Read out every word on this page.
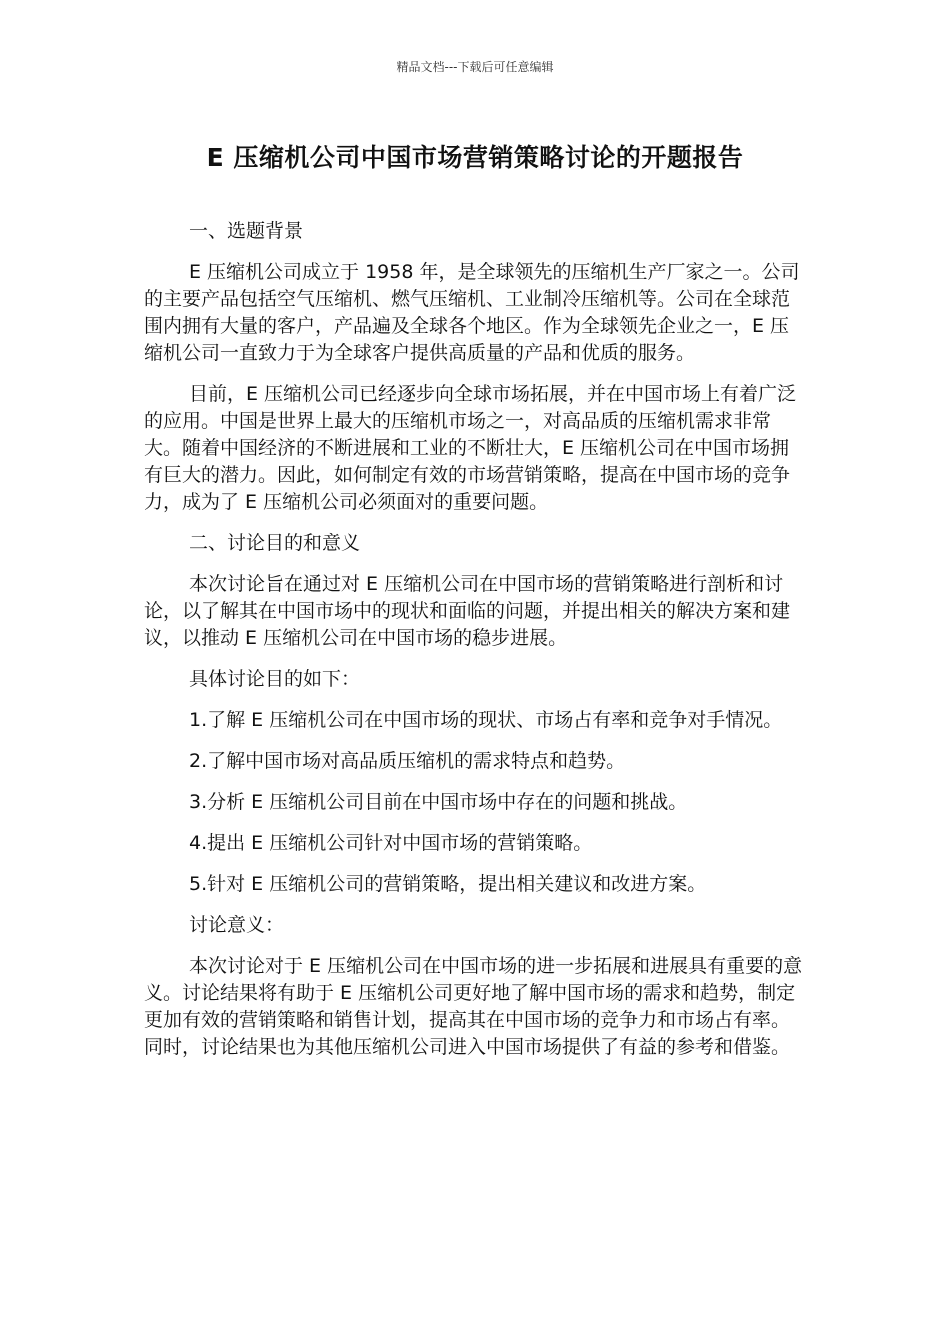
精品文档---下载后可任意编辑
E 压缩机公司中国市场营销策略讨论的开题报告

一、选题背景

E 压缩机公司成立于 1958 年，是全球领先的压缩机生产厂家之一。公司的主要产品包括空气压缩机、燃气压缩机、工业制冷压缩机等。公司在全球范围内拥有大量的客户，产品遍及全球各个地区。作为全球领先企业之一，E 压缩机公司一直致力于为全球客户提供高质量的产品和优质的服务。

目前，E 压缩机公司已经逐步向全球市场拓展，并在中国市场上有着广泛的应用。中国是世界上最大的压缩机市场之一，对高品质的压缩机需求非常大。随着中国经济的不断进展和工业的不断壮大，E 压缩机公司在中国市场拥有巨大的潜力。因此，如何制定有效的市场营销策略，提高在中国市场的竞争力，成为了 E 压缩机公司必须面对的重要问题。

二、讨论目的和意义

本次讨论旨在通过对 E 压缩机公司在中国市场的营销策略进行剖析和讨论，以了解其在中国市场中的现状和面临的问题，并提出相关的解决方案和建议，以推动 E 压缩机公司在中国市场的稳步进展。

具体讨论目的如下：

1.了解 E 压缩机公司在中国市场的现状、市场占有率和竞争对手情况。

2.了解中国市场对高品质压缩机的需求特点和趋势。

3.分析 E 压缩机公司目前在中国市场中存在的问题和挑战。

4.提出 E 压缩机公司针对中国市场的营销策略。

5.针对 E 压缩机公司的营销策略，提出相关建议和改进方案。

讨论意义：

本次讨论对于 E 压缩机公司在中国市场的进一步拓展和进展具有重要的意义。讨论结果将有助于 E 压缩机公司更好地了解中国市场的需求和趋势，制定更加有效的营销策略和销售计划，提高其在中国市场的竞争力和市场占有率。同时，讨论结果也为其他压缩机公司进入中国市场提供了有益的参考和借鉴。
